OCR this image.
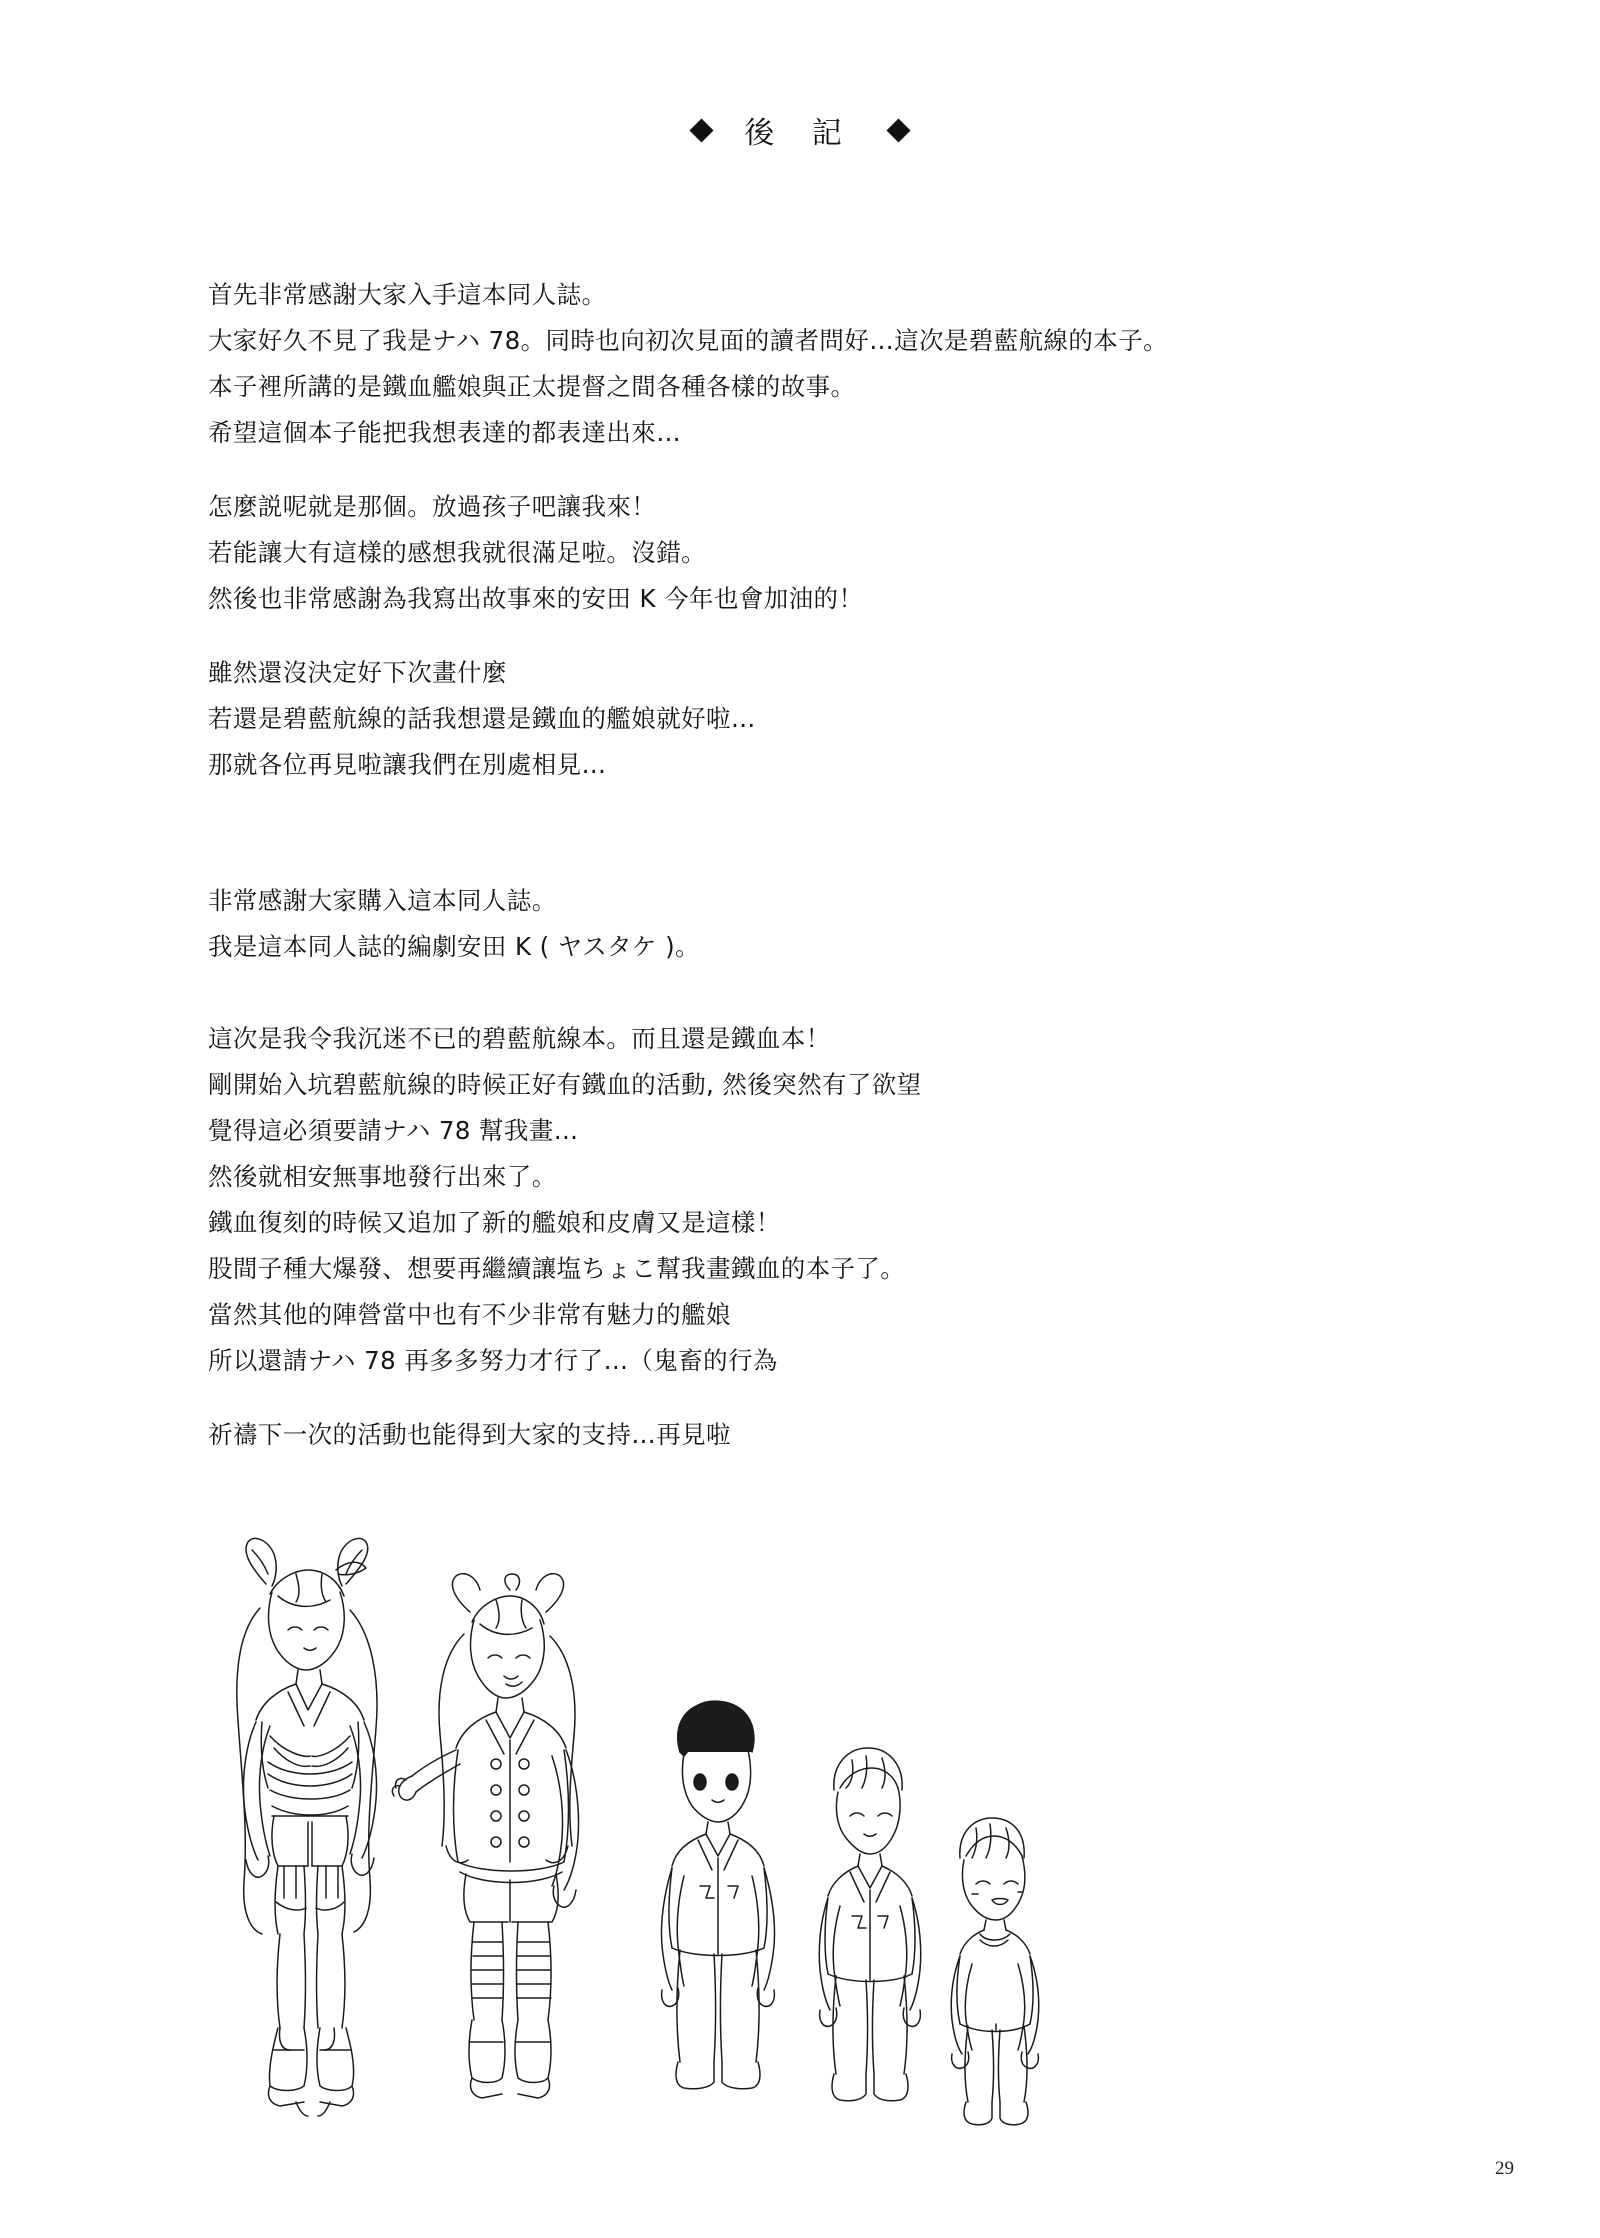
後 記
首先非常感謝大家入手這本同人誌。
大家好久不見了我是ナハ 78。同時也向初次見面的讀者問好…這次是碧藍航線的本子。
本子裡所講的是鐵血艦娘與正太提督之間各種各樣的故事。
希望這個本子能把我想表達的都表達出來…
怎麼説呢就是那個。放過孩子吧讓我來！
若能讓大有這樣的感想我就很滿足啦。沒錯。
然後也非常感謝為我寫出故事來的安田 K 今年也會加油的！
雖然還沒決定好下次畫什麼
若還是碧藍航線的話我想還是鐵血的艦娘就好啦…
那就各位再見啦讓我們在別處相見…
非常感謝大家購入這本同人誌。
我是這本同人誌的編劇安田 K ( ヤスタケ )。
這次是我令我沉迷不已的碧藍航線本。而且還是鐵血本！
剛開始入坑碧藍航線的時候正好有鐵血的活動, 然後突然有了欲望
覺得這必須要請ナハ 78 幫我畫…
然後就相安無事地發行出來了。
鐵血復刻的時候又追加了新的艦娘和皮膚又是這樣！
股間子種大爆發、想要再繼續讓塩ちょこ幫我畫鐵血的本子了。
當然其他的陣營當中也有不少非常有魅力的艦娘
所以還請ナハ 78 再多多努力才行了…（鬼畜的行為
祈禱下一次的活動也能得到大家的支持…再見啦
29
